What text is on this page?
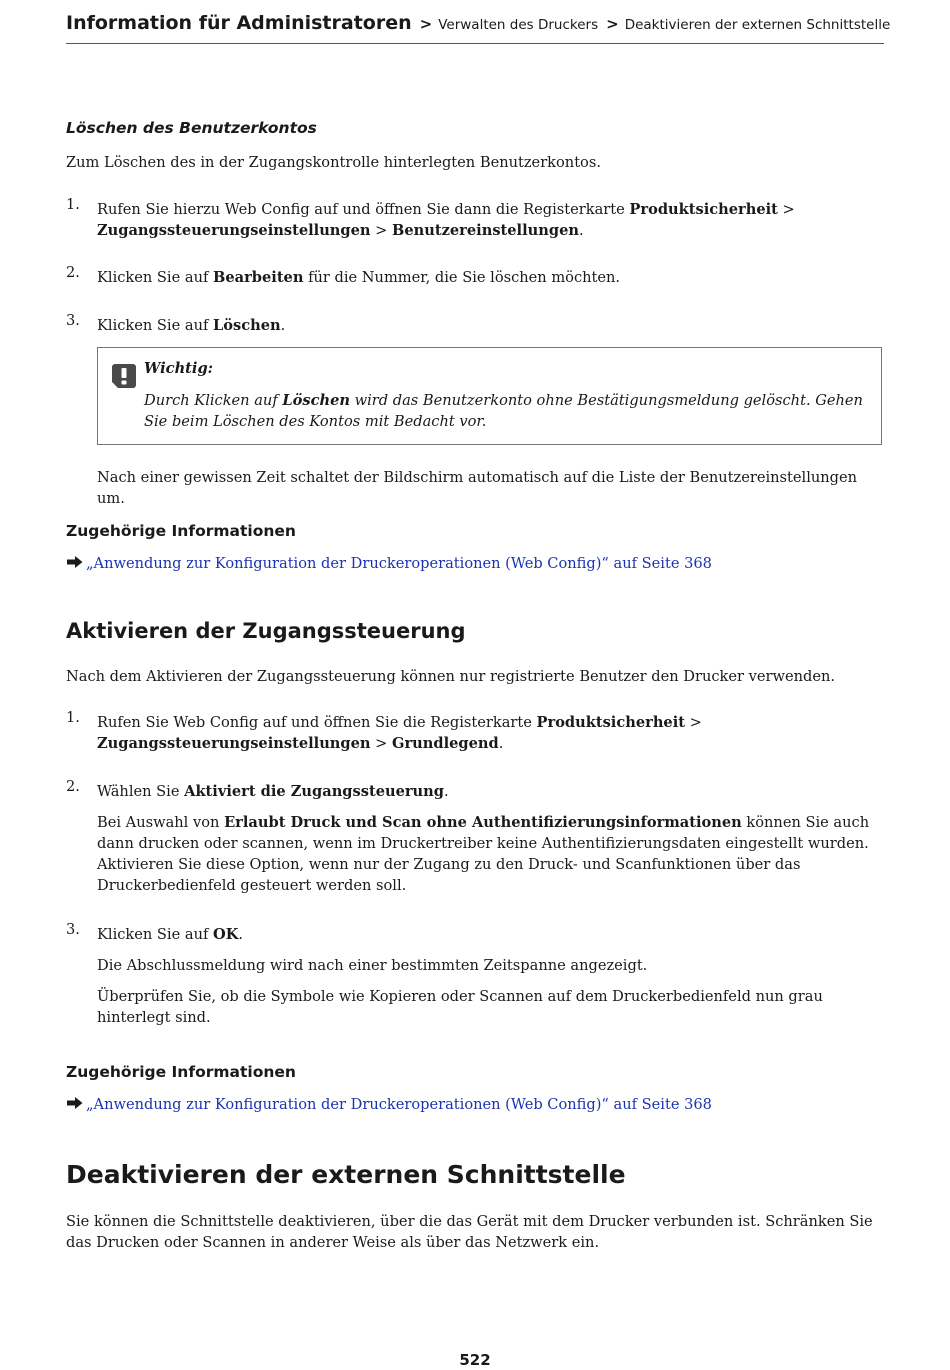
Information für Administratoren > Verwalten des Druckers > Deaktivieren der externen Schnittstelle
Löschen des Benutzerkontos
Zum Löschen des in der Zugangskontrolle hinterlegten Benutzerkontos.
1.	Rufen Sie hierzu Web Config auf und öffnen Sie dann die Registerkarte Produktsicherheit >
Zugangssteuerungseinstellungen > Benutzereinstellungen.

2.	Klicken Sie auf Bearbeiten für die Nummer, die Sie löschen möchten.

3.	Klicken Sie auf Löschen.

Wichtig:
Durch Klicken auf Löschen wird das Benutzerkonto ohne Bestätigungsmeldung gelöscht. Gehen Sie beim Löschen des Kontos mit Bedacht vor.
Nach einer gewissen Zeit schaltet der Bildschirm automatisch auf die Liste der Benutzereinstellungen um.
Zugehörige Informationen
„Anwendung zur Konfiguration der Druckeroperationen (Web Config)“ auf Seite 368
Aktivieren der Zugangssteuerung
Nach dem Aktivieren der Zugangssteuerung können nur registrierte Benutzer den Drucker verwenden.
1.	Rufen Sie Web Config auf und öffnen Sie die Registerkarte Produktsicherheit >
Zugangssteuerungseinstellungen > Grundlegend.

2.	Wählen Sie Aktiviert die Zugangssteuerung.

Bei Auswahl von Erlaubt Druck und Scan ohne Authentifizierungsinformationen können Sie auch dann drucken oder scannen, wenn im Druckertreiber keine Authentifizierungsdaten eingestellt wurden. Aktivieren Sie diese Option, wenn nur der Zugang zu den Druck- und Scanfunktionen über das Druckerbedienfeld gesteuert werden soll.

3.	Klicken Sie auf OK.

Die Abschlussmeldung wird nach einer bestimmten Zeitspanne angezeigt.

Überprüfen Sie, ob die Symbole wie Kopieren oder Scannen auf dem Druckerbedienfeld nun grau hinterlegt sind.

Zugehörige Informationen
„Anwendung zur Konfiguration der Druckeroperationen (Web Config)“ auf Seite 368
Deaktivieren der externen Schnittstelle
Sie können die Schnittstelle deaktivieren, über die das Gerät mit dem Drucker verbunden ist. Schränken Sie das Drucken oder Scannen in anderer Weise als über das Netzwerk ein.
522
